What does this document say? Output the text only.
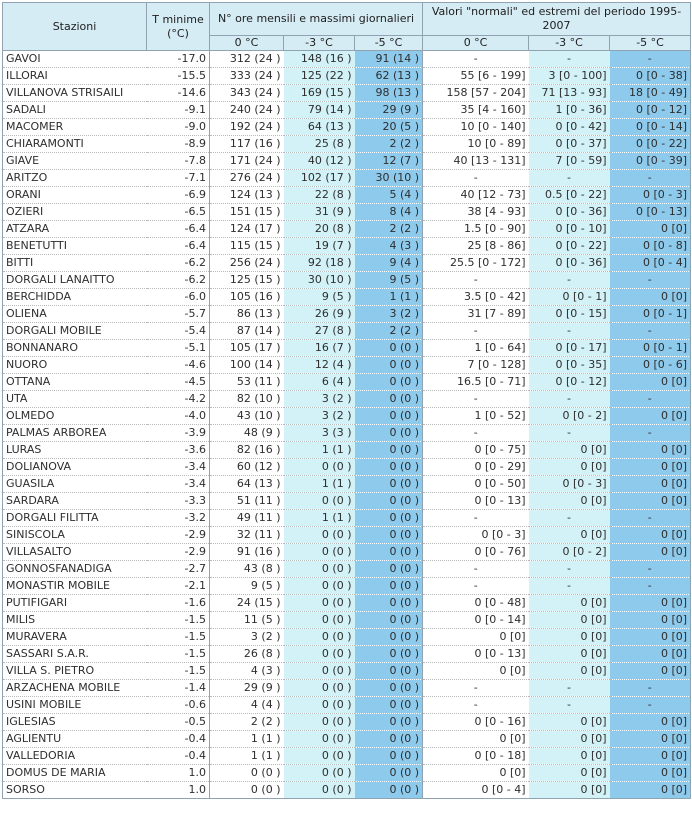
Stazioni	T minime (°C)	N° ore mensili e massimi giornalieri			Valori "normali" ed estremi del periodo 1995-2007		
		0 °C	-3 °C	-5 °C	0 °C	-3 °C	-5 °C
GAVOI	-17.0	312 (24 )	148 (16 )	91 (14 )	-	-	-
ILLORAI	-15.5	333 (24 )	125 (22 )	62 (13 )	55 [6 - 199]	3 [0 - 100]	0 [0 - 38]
VILLANOVA STRISAILI	-14.6	343 (24 )	169 (15 )	98 (13 )	158 [57 - 204]	71 [13 - 93]	18 [0 - 49]
SADALI	-9.1	240 (24 )	79 (14 )	29 (9 )	35 [4 - 160]	1 [0 - 36]	0 [0 - 12]
MACOMER	-9.0	192 (24 )	64 (13 )	20 (5 )	10 [0 - 140]	0 [0 - 42]	0 [0 - 14]
CHIARAMONTI	-8.9	117 (16 )	25 (8 )	2 (2 )	10 [0 - 89]	0 [0 - 37]	0 [0 - 22]
GIAVE	-7.8	171 (24 )	40 (12 )	12 (7 )	40 [13 - 131]	7 [0 - 59]	0 [0 - 39]
ARITZO	-7.1	276 (24 )	102 (17 )	30 (10 )	-	-	-
ORANI	-6.9	124 (13 )	22 (8 )	5 (4 )	40 [12 - 73]	0.5 [0 - 22]	0 [0 - 3]
OZIERI	-6.5	151 (15 )	31 (9 )	8 (4 )	38 [4 - 93]	0 [0 - 36]	0 [0 - 13]
ATZARA	-6.4	124 (17 )	20 (8 )	2 (2 )	1.5 [0 - 90]	0 [0 - 10]	0 [0]
BENETUTTI	-6.4	115 (15 )	19 (7 )	4 (3 )	25 [8 - 86]	0 [0 - 22]	0 [0 - 8]
BITTI	-6.2	256 (24 )	92 (18 )	9 (4 )	25.5 [0 - 172]	0 [0 - 36]	0 [0 - 4]
DORGALI LANAITTO	-6.2	125 (15 )	30 (10 )	9 (5 )	-	-	-
BERCHIDDA	-6.0	105 (16 )	9 (5 )	1 (1 )	3.5 [0 - 42]	0 [0 - 1]	0 [0]
OLIENA	-5.7	86 (13 )	26 (9 )	3 (2 )	31 [7 - 89]	0 [0 - 15]	0 [0 - 1]
DORGALI MOBILE	-5.4	87 (14 )	27 (8 )	2 (2 )	-	-	-
BONNANARO	-5.1	105 (17 )	16 (7 )	0 (0 )	1 [0 - 64]	0 [0 - 17]	0 [0 - 1]
NUORO	-4.6	100 (14 )	12 (4 )	0 (0 )	7 [0 - 128]	0 [0 - 35]	0 [0 - 6]
OTTANA	-4.5	53 (11 )	6 (4 )	0 (0 )	16.5 [0 - 71]	0 [0 - 12]	0 [0]
UTA	-4.2	82 (10 )	3 (2 )	0 (0 )	-	-	-
OLMEDO	-4.0	43 (10 )	3 (2 )	0 (0 )	1 [0 - 52]	0 [0 - 2]	0 [0]
PALMAS ARBOREA	-3.9	48 (9 )	3 (3 )	0 (0 )	-	-	-
LURAS	-3.6	82 (16 )	1 (1 )	0 (0 )	0 [0 - 75]	0 [0]	0 [0]
DOLIANOVA	-3.4	60 (12 )	0 (0 )	0 (0 )	0 [0 - 29]	0 [0]	0 [0]
GUASILA	-3.4	64 (13 )	1 (1 )	0 (0 )	0 [0 - 50]	0 [0 - 3]	0 [0]
SARDARA	-3.3	51 (11 )	0 (0 )	0 (0 )	0 [0 - 13]	0 [0]	0 [0]
DORGALI FILITTA	-3.2	49 (11 )	1 (1 )	0 (0 )	-	-	-
SINISCOLA	-2.9	32 (11 )	0 (0 )	0 (0 )	0 [0 - 3]	0 [0]	0 [0]
VILLASALTO	-2.9	91 (16 )	0 (0 )	0 (0 )	0 [0 - 76]	0 [0 - 2]	0 [0]
GONNOSFANADIGA	-2.7	43 (8 )	0 (0 )	0 (0 )	-	-	-
MONASTIR MOBILE	-2.1	9 (5 )	0 (0 )	0 (0 )	-	-	-
PUTIFIGARI	-1.6	24 (15 )	0 (0 )	0 (0 )	0 [0 - 48]	0 [0]	0 [0]
MILIS	-1.5	11 (5 )	0 (0 )	0 (0 )	0 [0 - 14]	0 [0]	0 [0]
MURAVERA	-1.5	3 (2 )	0 (0 )	0 (0 )	0 [0]	0 [0]	0 [0]
SASSARI S.A.R.	-1.5	26 (8 )	0 (0 )	0 (0 )	0 [0 - 13]	0 [0]	0 [0]
VILLA S. PIETRO	-1.5	4 (3 )	0 (0 )	0 (0 )	0 [0]	0 [0]	0 [0]
ARZACHENA MOBILE	-1.4	29 (9 )	0 (0 )	0 (0 )	-	-	-
USINI MOBILE	-0.6	4 (4 )	0 (0 )	0 (0 )	-	-	-
IGLESIAS	-0.5	2 (2 )	0 (0 )	0 (0 )	0 [0 - 16]	0 [0]	0 [0]
AGLIENTU	-0.4	1 (1 )	0 (0 )	0 (0 )	0 [0]	0 [0]	0 [0]
VALLEDORIA	-0.4	1 (1 )	0 (0 )	0 (0 )	0 [0 - 18]	0 [0]	0 [0]
DOMUS DE MARIA	1.0	0 (0 )	0 (0 )	0 (0 )	0 [0]	0 [0]	0 [0]
SORSO	1.0	0 (0 )	0 (0 )	0 (0 )	0 [0 - 4]	0 [0]	0 [0]
